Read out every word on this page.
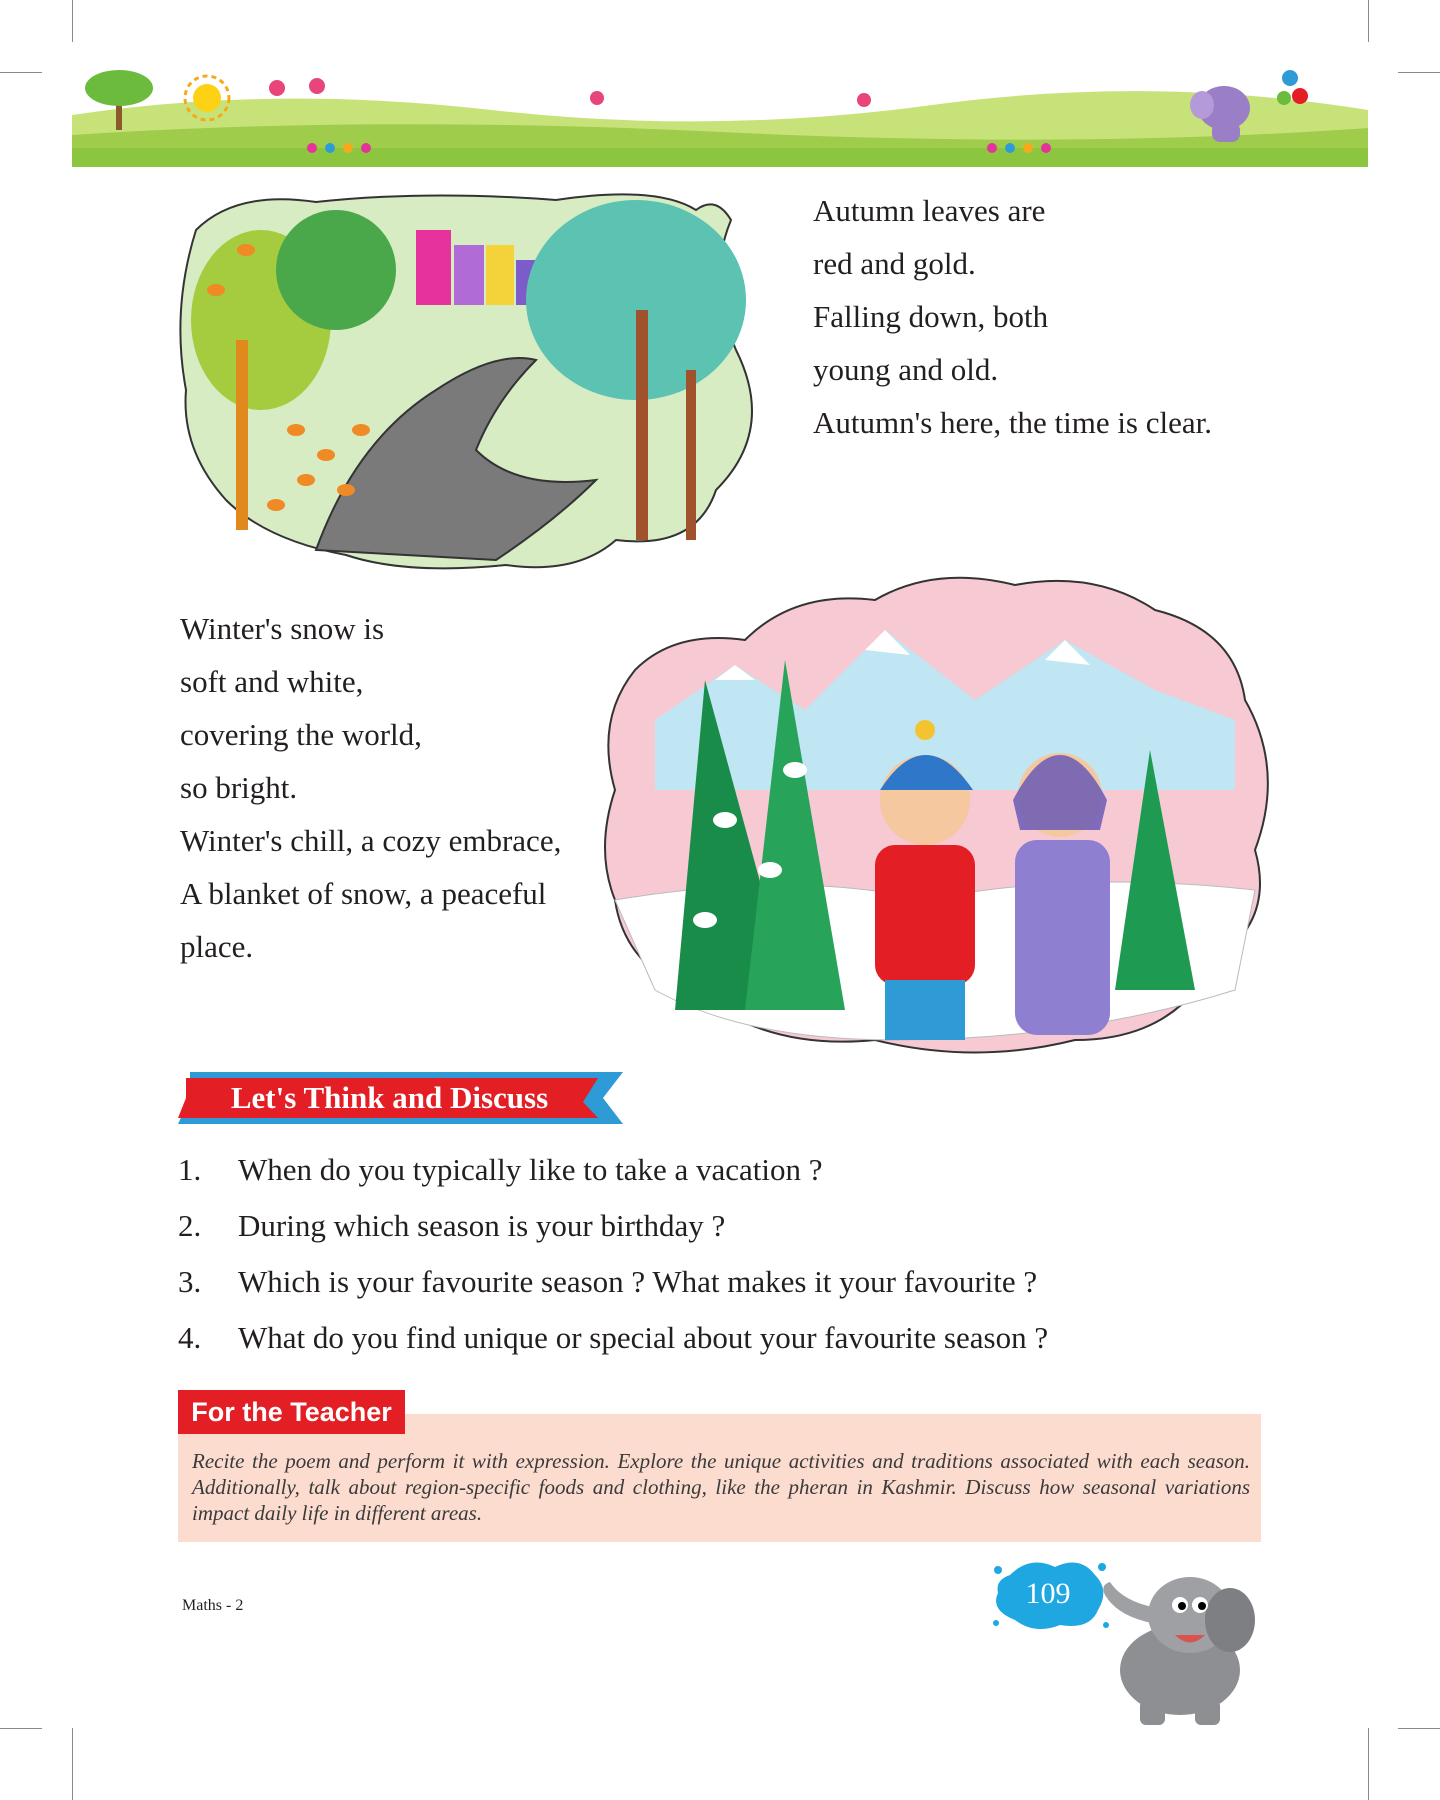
Autumn leaves are
red and gold.
Falling down, both
young and old.
Autumn's here, the time is clear.
Winter's snow is
soft and white,
covering the world,
so bright.
Winter's chill, a cozy embrace,
A blanket of snow, a peaceful
place.
Let's Think and Discuss
1.	When do you typically like to take a vacation ?
2.	During which season is your birthday ?
3.	Which is your favourite season ? What makes it your favourite ?
4.	What do you find unique or special about your favourite season ?
For the Teacher
Recite the poem and perform it with expression. Explore the unique activities and traditions associated with each season. Additionally, talk about region-specific foods and clothing, like the pheran in Kashmir. Discuss how seasonal variations impact daily life in different areas.
Maths - 2	109
